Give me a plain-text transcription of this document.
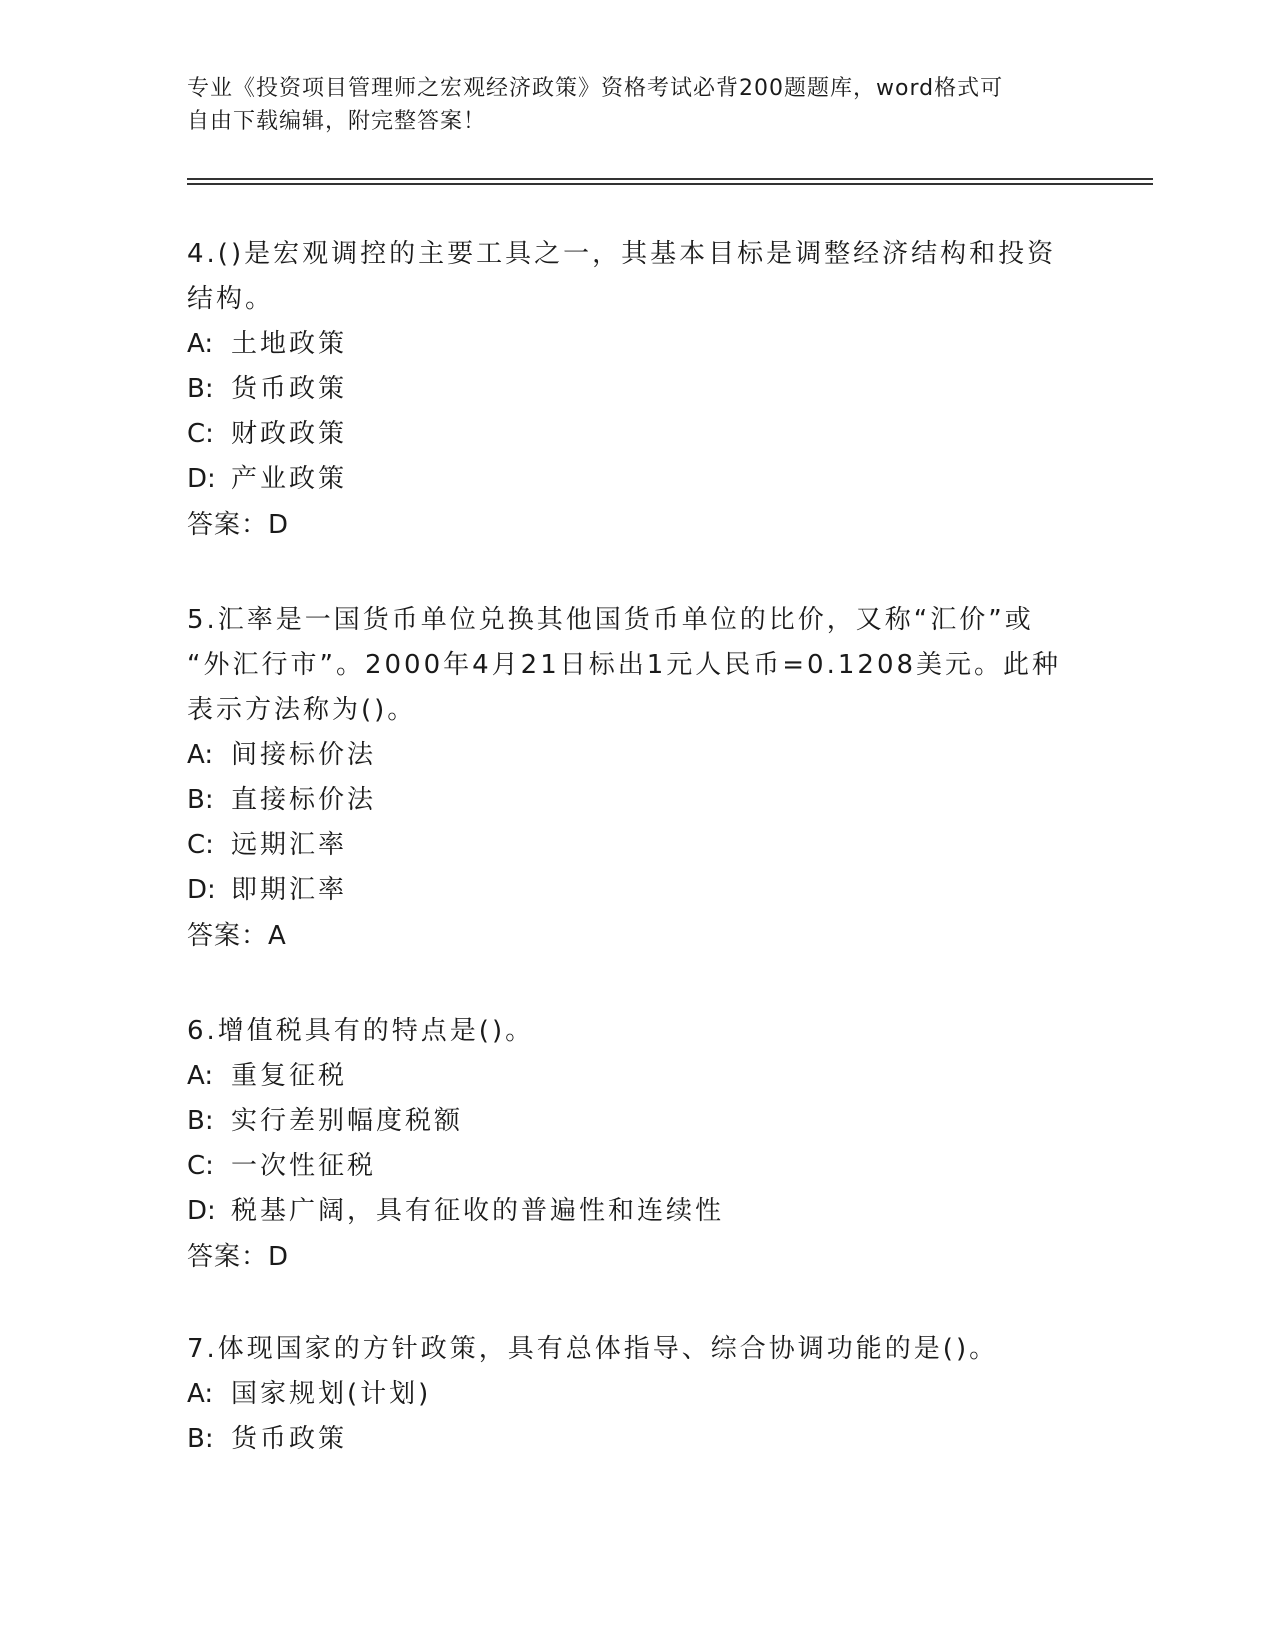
专业《投资项目管理师之宏观经济政策》资格考试必背200题题库，word格式可
自由下载编辑，附完整答案！

4.()是宏观调控的主要工具之一，其基本目标是调整经济结构和投资

结构。

A: 土地政策

B: 货币政策

C: 财政政策

D: 产业政策

答案：D

5.汇率是一国货币单位兑换其他国货币单位的比价，又称“汇价”或

“外汇行市”。2000年4月21日标出1元人民币=0.1208美元。此种

表示方法称为()。

A: 间接标价法

B: 直接标价法

C: 远期汇率

D: 即期汇率

答案：A

6.增值税具有的特点是()。

A: 重复征税

B: 实行差别幅度税额

C: 一次性征税

D: 税基广阔，具有征收的普遍性和连续性

答案：D

7.体现国家的方针政策，具有总体指导、综合协调功能的是()。

A: 国家规划(计划)

B: 货币政策
